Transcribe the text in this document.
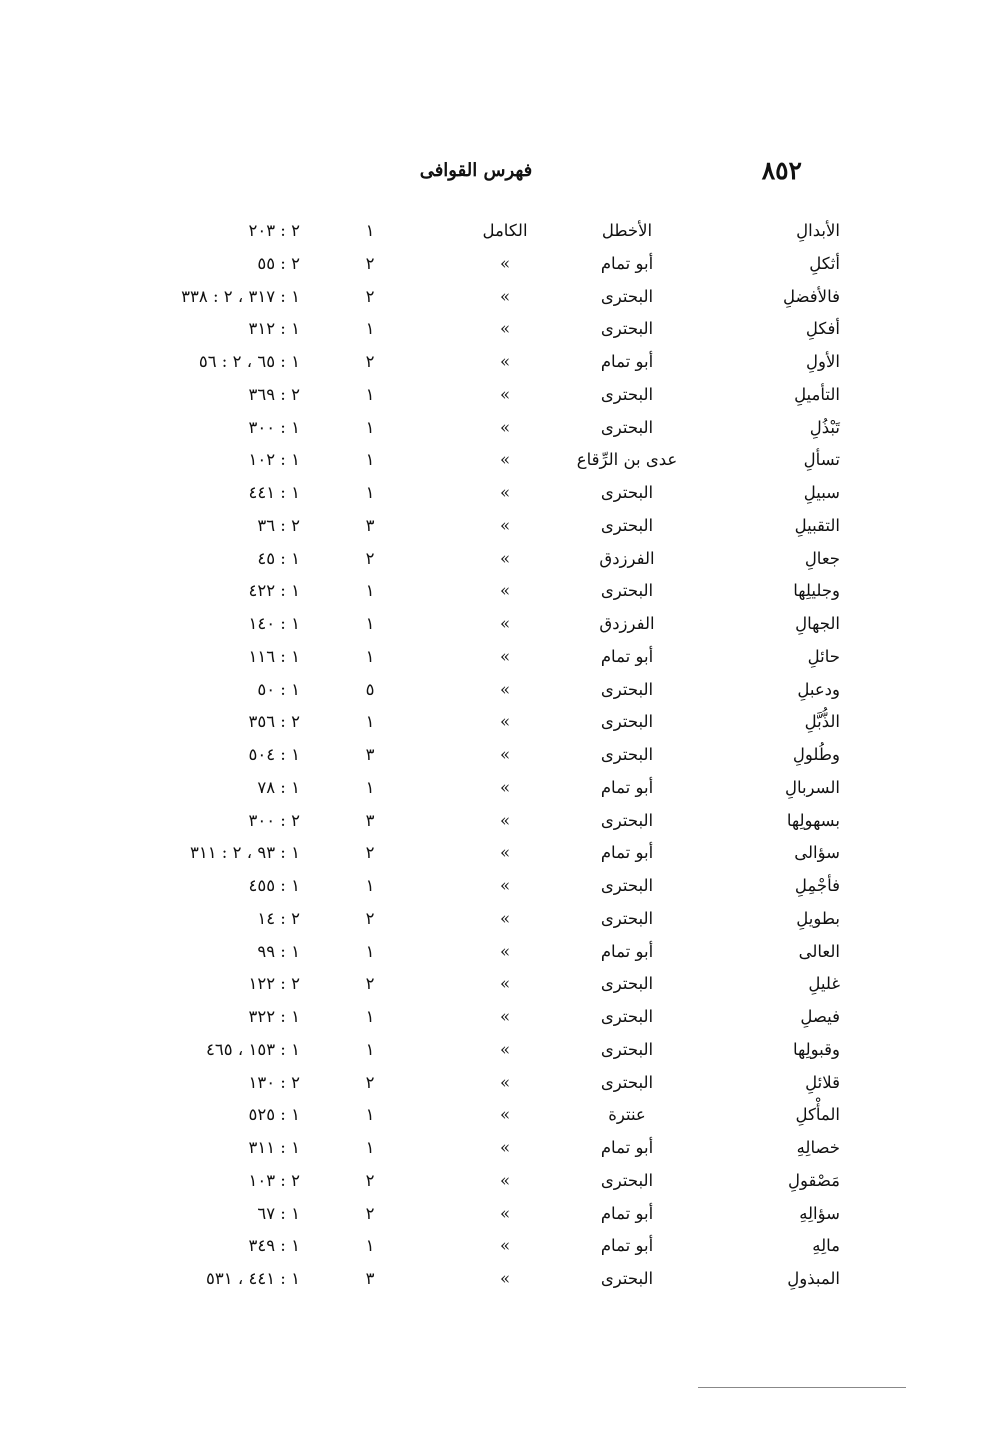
٨٥٢
فهرس القوافى
الأبدالِ
الأخطل
الكامل
١
٢ : ٢٠٣
أثكلِ
أبو تمام
»
٢
٢ : ٥٥
فالأفضلِ
البحترى
»
٢
١ : ٣١٧ ، ٢ : ٣٣٨
أفكلِ
البحترى
»
١
١ : ٣١٢
الأولِ
أبو تمام
»
٢
١ : ٦٥ ، ٢ : ٥٦
التأميلِ
البحترى
»
١
٢ : ٣٦٩
تَبْذُلِ
البحترى
»
١
١ : ٣٠٠
تسألِ
عدى بن الرِّقاع
»
١
١ : ١٠٢
سبيلِ
البحترى
»
١
١ : ٤٤١
التقبيلِ
البحترى
»
٣
٢ : ٣٦
جعالِ
الفرزدق
»
٢
١ : ٤٥
وجليلِها
البحترى
»
١
١ : ٤٢٢
الجهالِ
الفرزدق
»
١
١ : ١٤٠
حائلِ
أبو تمام
»
١
١ : ١١٦
ودعبلِ
البحترى
»
٥
١ : ٥٠
الذُّبَّلِ
البحترى
»
١
٢ : ٣٥٦
وطُلولِ
البحترى
»
٣
١ : ٥٠٤
السربالِ
أبو تمام
»
١
١ : ٧٨
بسهولِها
البحترى
»
٣
٢ : ٣٠٠
سؤالى
أبو تمام
»
٢
١ : ٩٣ ، ٢ : ٣١١
فأجْمِلِ
البحترى
»
١
١ : ٤٥٥
بطويلِ
البحترى
»
٢
٢ : ١٤
العالى
أبو تمام
»
١
١ : ٩٩
غليلِ
البحترى
»
٢
٢ : ١٢٢
فيصلِ
البحترى
»
١
١ : ٣٢٢
وقبولِها
البحترى
»
١
١ : ١٥٣ ، ٤٦٥
قلائلِ
البحترى
»
٢
٢ : ١٣٠
المأْكلِ
عنترة
»
١
١ : ٥٢٥
خصالِهِ
أبو تمام
»
١
١ : ٣١١
مَصْقولِ
البحترى
»
٢
٢ : ١٠٣
سؤالِهِ
أبو تمام
»
٢
١ : ٦٧
مالِهِ
أبو تمام
»
١
١ : ٣٤٩
المبذولِ
البحترى
»
٣
١ : ٤٤١ ، ٥٣١
